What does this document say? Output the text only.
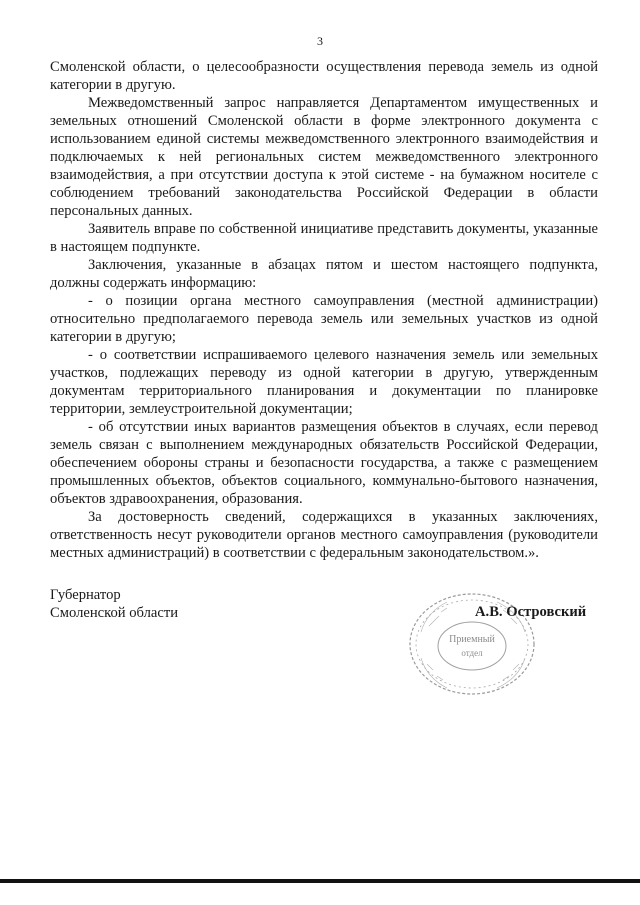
3

Смоленской области, о целесообразности осуществления перевода земель из одной категории в другую.

Межведомственный запрос направляется Департаментом имущественных и земельных отношений Смоленской области в форме электронного документа с использованием единой системы межведомственного электронного взаимодействия и подключаемых к ней региональных систем межведомственного электронного взаимодействия, а при отсутствии доступа к этой системе - на бумажном носителе с соблюдением требований законодательства Российской Федерации в области персональных данных.

Заявитель вправе по собственной инициативе представить документы, указанные в настоящем подпункте.

Заключения, указанные в абзацах пятом и шестом настоящего подпункта, должны содержать информацию:

- о позиции органа местного самоуправления (местной администрации) относительно предполагаемого перевода земель или земельных участков из одной категории в другую;

- о соответствии испрашиваемого целевого назначения земель или земельных участков, подлежащих переводу из одной категории в другую, утвержденным документам территориального планирования и документации по планировке территории, землеустроительной документации;

- об отсутствии иных вариантов размещения объектов в случаях, если перевод земель связан с выполнением международных обязательств Российской Федерации, обеспечением обороны страны и безопасности государства, а также с размещением промышленных объектов, объектов социального, коммунально-бытового назначения, объектов здравоохранения, образования.

За достоверность сведений, содержащихся в указанных заключениях, ответственность несут руководители органов местного самоуправления (руководители местных администраций) в соответствии с федеральным законодательством.».

Губернатор
Смоленской области
Приемный
отдел
А.В. Островский
